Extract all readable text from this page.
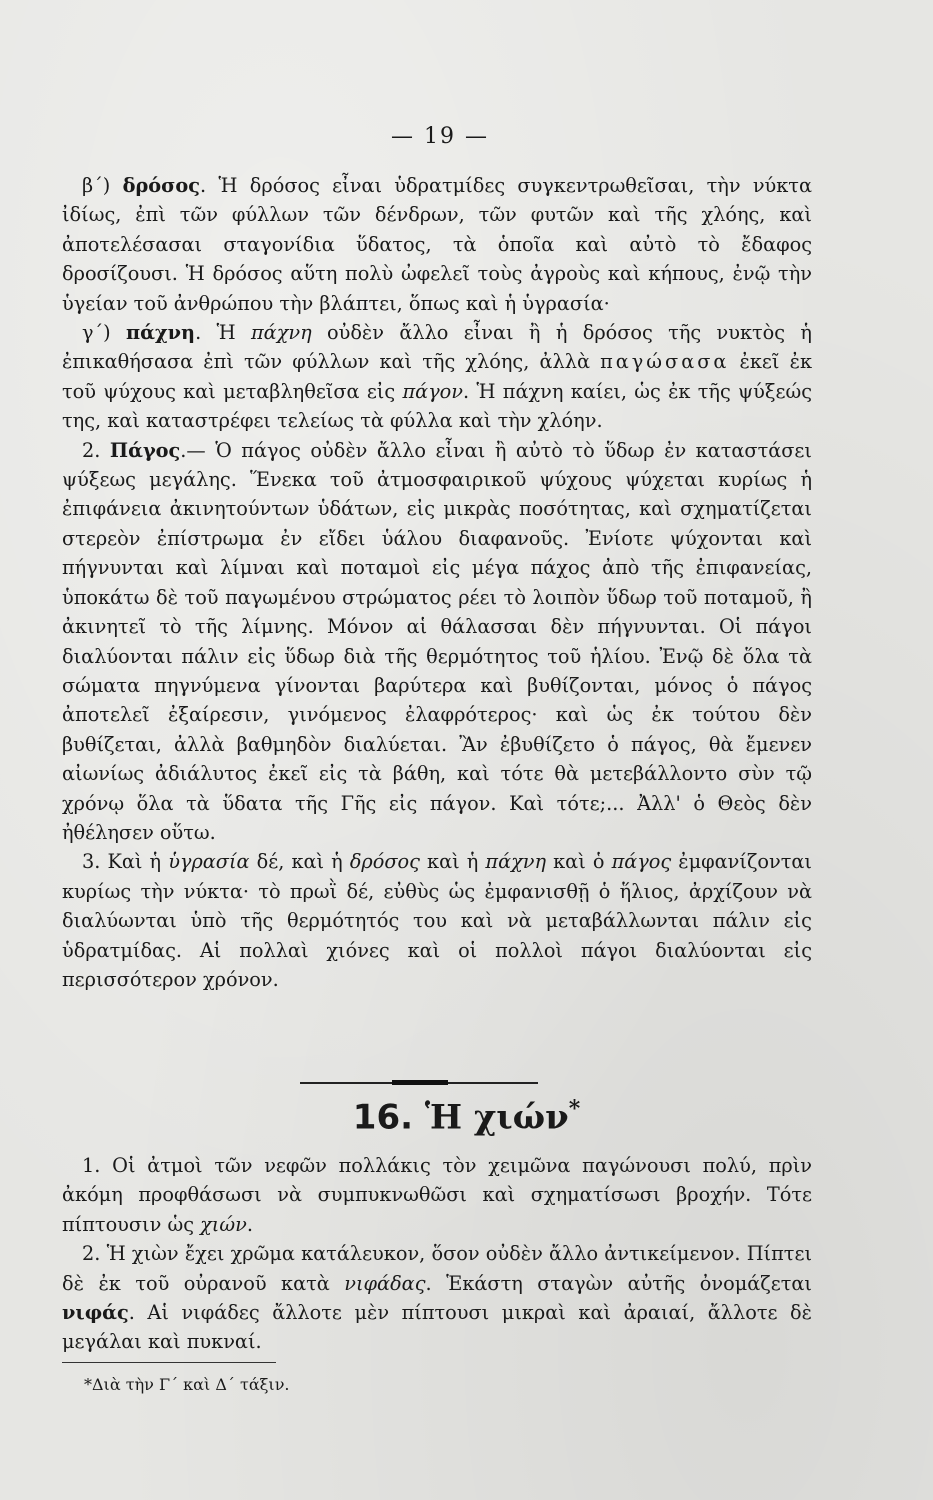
— 19 —

β΄) δρόσος. Ἡ δρόσος εἶναι ὑδρατμίδες συγκεντρωθεῖσαι, τὴν νύκτα ἰδίως, ἐπὶ τῶν φύλλων τῶν δένδρων, τῶν φυτῶν καὶ τῆς χλόης, καὶ ἀποτελέσασαι σταγονίδια ὕδατος, τὰ ὁποῖα καὶ αὐτὸ τὸ ἔδαφος δροσίζουσι. Ἡ δρόσος αὕτη πολὺ ὠφελεῖ τοὺς ἀγροὺς καὶ κήπους, ἐνῷ τὴν ὑγείαν τοῦ ἀνθρώπου τὴν βλάπτει, ὅπως καὶ ἡ ὑγρασία·

γ΄) πάχνη. Ἡ πάχνη οὐδὲν ἄλλο εἶναι ἢ ἡ δρόσος τῆς νυκτὸς ἡ ἐπικαθήσασα ἐπὶ τῶν φύλλων καὶ τῆς χλόης, ἀλλὰ παγώσασα ἐκεῖ ἐκ τοῦ ψύχους καὶ μεταβληθεῖσα εἰς πάγον. Ἡ πάχνη καίει, ὡς ἐκ τῆς ψύξεώς της, καὶ καταστρέφει τελείως τὰ φύλλα καὶ τὴν χλόην.

2. Πάγος.— Ὁ πάγος οὐδὲν ἄλλο εἶναι ἢ αὐτὸ τὸ ὕδωρ ἐν καταστάσει ψύξεως μεγάλης. Ἕνεκα τοῦ ἀτμοσφαιρικοῦ ψύχους ψύχεται κυρίως ἡ ἐπιφάνεια ἀκινητούντων ὑδάτων, εἰς μικρὰς ποσότητας, καὶ σχηματίζεται στερεὸν ἐπίστρωμα ἐν εἴδει ὑάλου διαφανοῦς. Ἐνίοτε ψύχονται καὶ πήγνυνται καὶ λίμναι καὶ ποταμοὶ εἰς μέγα πάχος ἀπὸ τῆς ἐπιφανείας, ὑποκάτω δὲ τοῦ παγωμένου στρώματος ρέει τὸ λοιπὸν ὕδωρ τοῦ ποταμοῦ, ἢ ἀκινητεῖ τὸ τῆς λίμνης. Μόνον αἱ θάλασσαι δὲν πήγνυνται. Οἱ πάγοι διαλύονται πάλιν εἰς ὕδωρ διὰ τῆς θερμότητος τοῦ ἡλίου. Ἐνῷ δὲ ὅλα τὰ σώματα πηγνύμενα γίνονται βαρύτερα καὶ βυθίζονται, μόνος ὁ πάγος ἀποτελεῖ ἐξαίρεσιν, γινόμενος ἐλαφρότερος· καὶ ὡς ἐκ τούτου δὲν βυθίζεται, ἀλλὰ βαθμηδὸν διαλύεται. Ἂν ἐβυθίζετο ὁ πάγος, θὰ ἔμενεν αἰωνίως ἀδιάλυτος ἐκεῖ εἰς τὰ βάθη, καὶ τότε θὰ μετεβάλλοντο σὺν τῷ χρόνῳ ὅλα τὰ ὕδατα τῆς Γῆς εἰς πάγον. Καὶ τότε;... Ἀλλ' ὁ Θεὸς δὲν ἠθέλησεν οὕτω.

3. Καὶ ἡ ὑγρασία δέ, καὶ ἡ δρόσος καὶ ἡ πάχνη καὶ ὁ πάγος ἐμφανίζονται κυρίως τὴν νύκτα· τὸ πρωῒ δέ, εὐθὺς ὡς ἐμφανισθῇ ὁ ἥλιος, ἀρχίζουν νὰ διαλύωνται ὑπὸ τῆς θερμότητός του καὶ νὰ μεταβάλλωνται πάλιν εἰς ὑδρατμίδας. Αἱ πολλαὶ χιόνες καὶ οἱ πολλοὶ πάγοι διαλύονται εἰς περισσότερον χρόνον.

16. Ἡ χιών*

1. Οἱ ἀτμοὶ τῶν νεφῶν πολλάκις τὸν χειμῶνα παγώνουσι πολύ, πρὶν ἀκόμη προφθάσωσι νὰ συμπυκνωθῶσι καὶ σχηματίσωσι βροχήν. Τότε πίπτουσιν ὡς χιών.

2. Ἡ χιὼν ἔχει χρῶμα κατάλευκον, ὅσον οὐδὲν ἄλλο ἀντικείμενον. Πίπτει δὲ ἐκ τοῦ οὐρανοῦ κατὰ νιφάδας. Ἑκάστη σταγὼν αὐτῆς ὀνομάζεται νιφάς. Αἱ νιφάδες ἄλλοτε μὲν πίπτουσι μικραὶ καὶ ἀραιαί, ἄλλοτε δὲ μεγάλαι καὶ πυκναί.

*Διὰ τὴν Γ΄ καὶ Δ΄ τάξιν.
